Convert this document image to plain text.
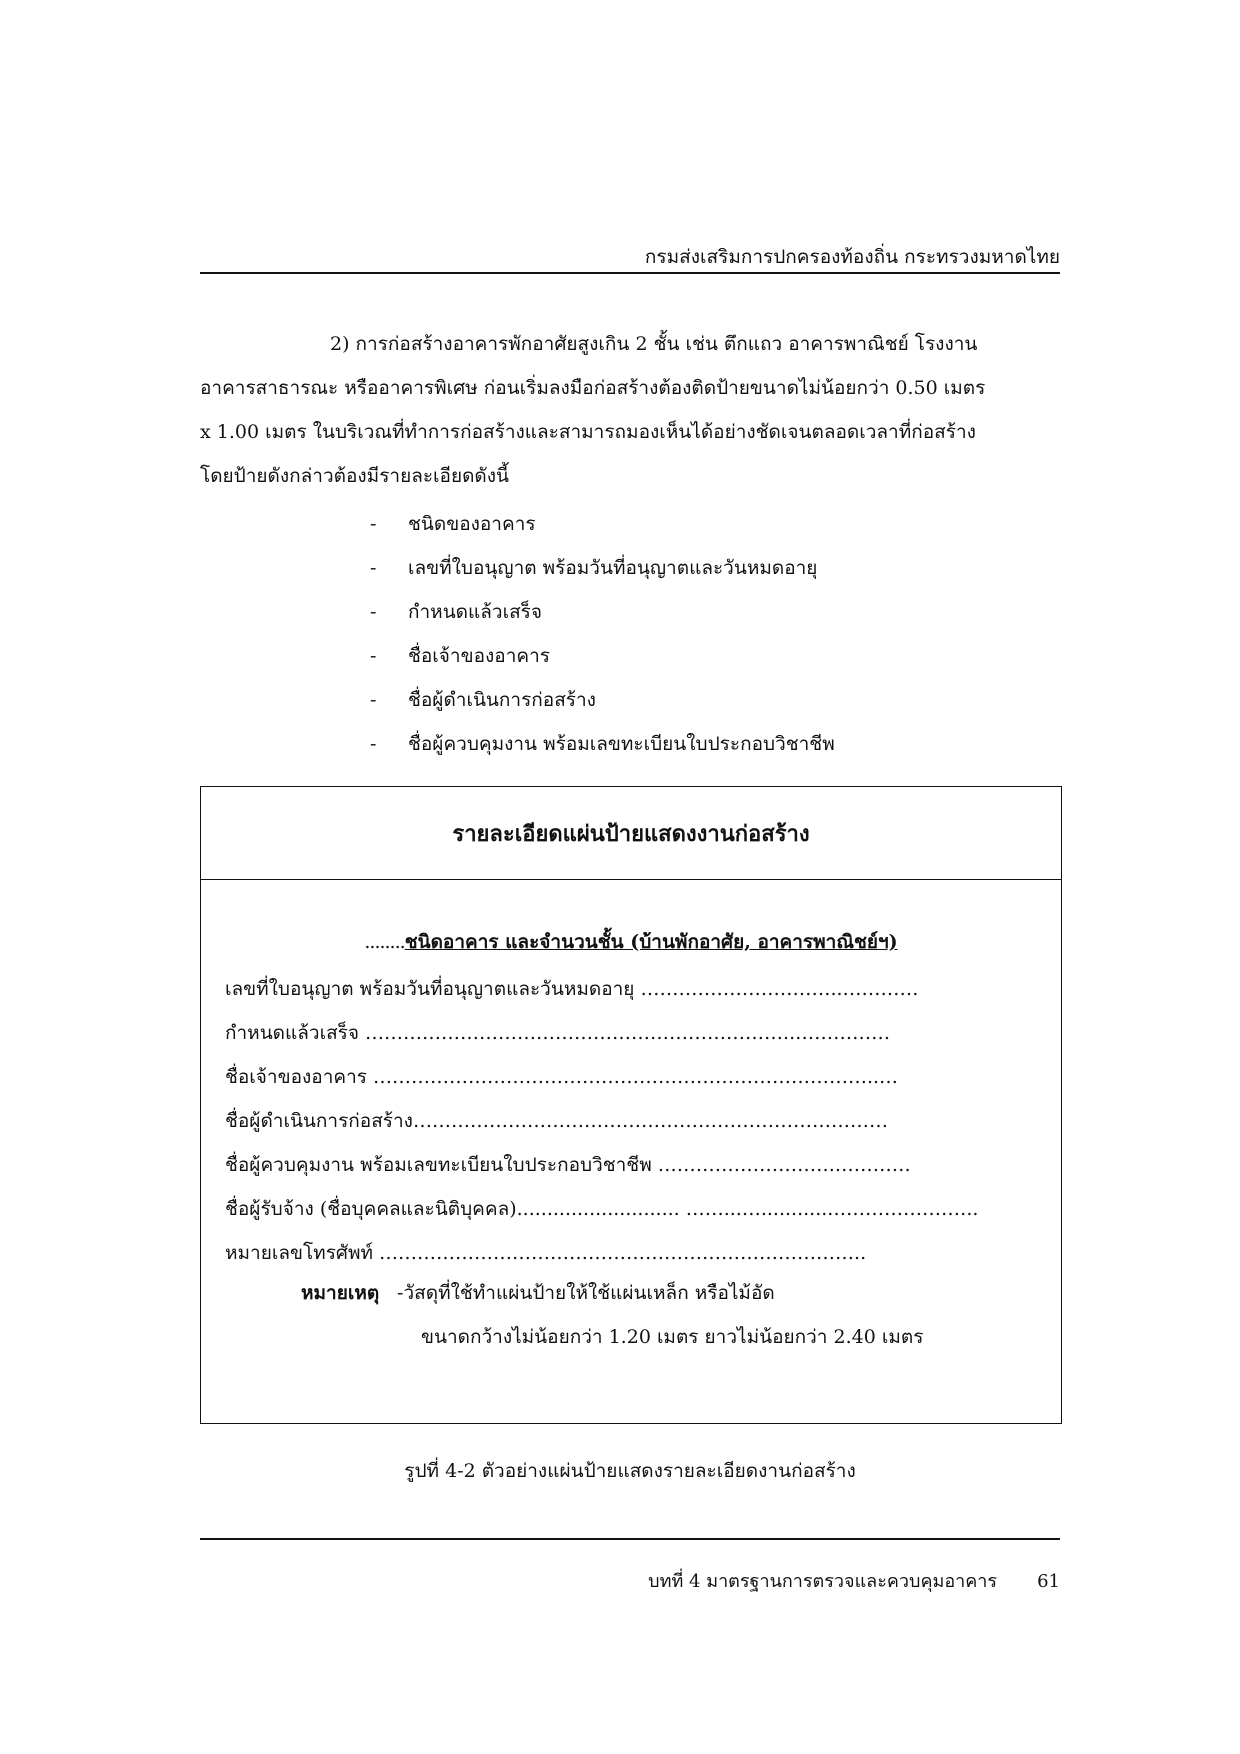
กรมส่งเสริมการปกครองท้องถิ่น กระทรวงมหาดไทย
2) การก่อสร้างอาคารพักอาศัยสูงเกิน 2 ชั้น เช่น ตึกแถว อาคารพาณิชย์ โรงงาน
อาคารสาธารณะ หรืออาคารพิเศษ ก่อนเริ่มลงมือก่อสร้างต้องติดป้ายขนาดไม่น้อยกว่า 0.50 เมตร
x 1.00 เมตร ในบริเวณที่ทำการก่อสร้างและสามารถมองเห็นได้อย่างชัดเจนตลอดเวลาที่ก่อสร้าง
โดยป้ายดังกล่าวต้องมีรายละเอียดดังนี้
- ชนิดของอาคาร
- เลขที่ใบอนุญาต พร้อมวันที่อนุญาตและวันหมดอายุ
- กำหนดแล้วเสร็จ
- ชื่อเจ้าของอาคาร
- ชื่อผู้ดำเนินการก่อสร้าง
- ชื่อผู้ควบคุมงาน พร้อมเลขทะเบียนใบประกอบวิชาชีพ
รายละเอียดแผ่นป้ายแสดงงานก่อสร้าง
........ชนิดอาคาร และจำนวนชั้น (บ้านพักอาศัย, อาคารพาณิชย์ฯ)
เลขที่ใบอนุญาต พร้อมวันที่อนุญาตและวันหมดอายุ …………………………..…………
กำหนดแล้วเสร็จ …………………………………………………………..……………
ชื่อเจ้าของอาคาร ……………………………………………………………………..…
ชื่อผู้ดำเนินการก่อสร้าง…………………………………………………………………
ชื่อผู้ควบคุมงาน พร้อมเลขทะเบียนใบประกอบวิชาชีพ ……………………….…………
ชื่อผู้รับจ้าง (ชื่อบุคคลและนิติบุคคล)........................... ……...…............…………………..
หมายเลขโทรศัพท์ …………………………………………………………………..
หมายเหตุ -วัสดุที่ใช้ทำแผ่นป้ายให้ใช้แผ่นเหล็ก หรือไม้อัด
ขนาดกว้างไม่น้อยกว่า 1.20 เมตร ยาวไม่น้อยกว่า 2.40 เมตร
รูปที่ 4-2 ตัวอย่างแผ่นป้ายแสดงรายละเอียดงานก่อสร้าง
บทที่ 4 มาตรฐานการตรวจและควบคุมอาคาร 61
